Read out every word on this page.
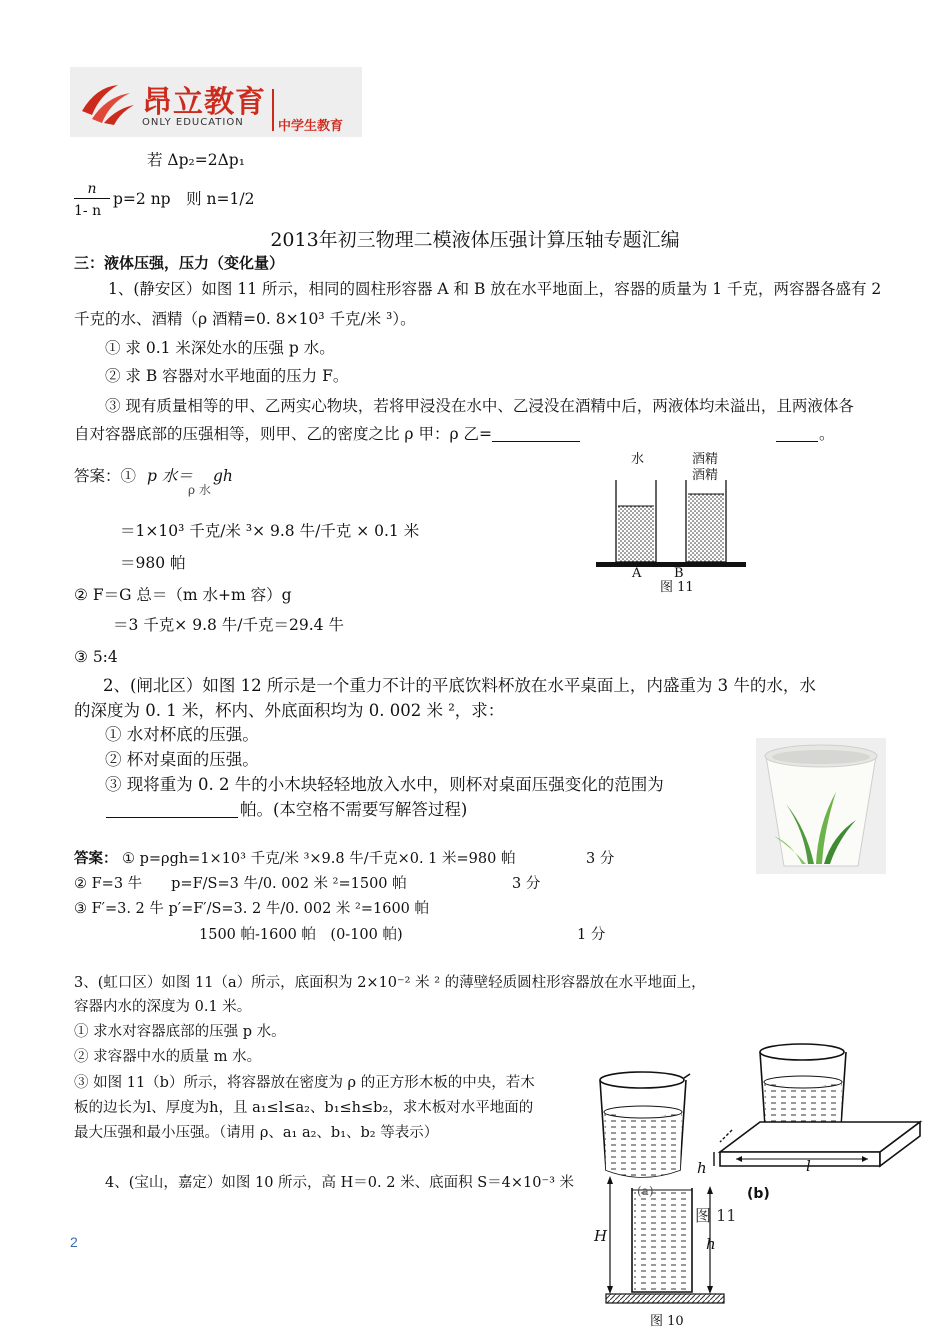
昂立教育
ONLY EDUCATION	中学生教育
若 Δp₂=2Δp₁
n
1- n
p=2 np　则 n=1/2
2013年初三物理二模液体压强计算压轴专题汇编
三：液体压强，压力（变化量）
1、(静安区）如图 11 所示，相同的圆柱形容器 A 和 B 放在水平地面上，容器的质量为 1 千克，两容器各盛有 2
千克的水、酒精（ρ 酒精=0. 8×10³ 千克/米 ³）。
① 求 0.1 米深处水的压强 p 水。
② 求 B 容器对水平地面的压力 F。
③ 现有质量相等的甲、乙两实心物块，若将甲浸没在水中、乙浸没在酒精中后，两液体均未溢出，且两液体各
自对容器底部的压强相等，则甲、乙的密度之比 ρ 甲：ρ 乙=	。
答案：① p 水＝
ρ 水
gh
＝1×10³ 千克/米 ³× 9.8 牛/千克 × 0.1 米
＝980 帕
② F＝G 总＝（m 水+m 容）g
＝3 千克× 9.8 牛/千克＝29.4 牛
③ 5:4
水	酒精
酒精
A	B
图 11
2、(闸北区）如图 12 所示是一个重力不计的平底饮料杯放在水平桌面上，内盛重为 3 牛的水，水
的深度为 0. 1 米，杯内、外底面积均为 0. 002 米 ²，求：
① 水对杯底的压强。
② 杯对桌面的压强。
③ 现将重为 0. 2 牛的小木块轻轻地放入水中，则杯对桌面压强变化的范围为
帕。(本空格不需要写解答过程)
答案： ① p=ρgh=1×10³ 千克/米 ³×9.8 牛/千克×0. 1 米=980 帕	3 分
② F=3 牛　　p=F/S=3 牛/0. 002 米 ²=1500 帕	3 分
③ F′=3. 2 牛 p′=F′/S=3. 2 牛/0. 002 米 ²=1600 帕
1500 帕-1600 帕　(0-100 帕)	1 分
3、(虹口区）如图 11（a）所示，底面积为 2×10⁻² 米 ² 的薄壁轻质圆柱形容器放在水平地面上，
容器内水的深度为 0.1 米。
① 求水对容器底部的压强 p 水。
② 求容器中水的质量 m 水。
③ 如图 11（b）所示，将容器放在密度为 ρ 的正方形木板的中央，若木
板的边长为l、厚度为h，且 a₁≤l≤a₂、b₁≤h≤b₂，求木板对水平地面的
最大压强和最小压强。（请用 ρ、a₁ a₂、b₁、b₂ 等表示）
4、(宝山，嘉定）如图 10 所示，高 H＝0. 2 米、底面积 S＝4×10⁻³ 米	(a)	(b)
图 11
l
h
H	h
图 10
2
